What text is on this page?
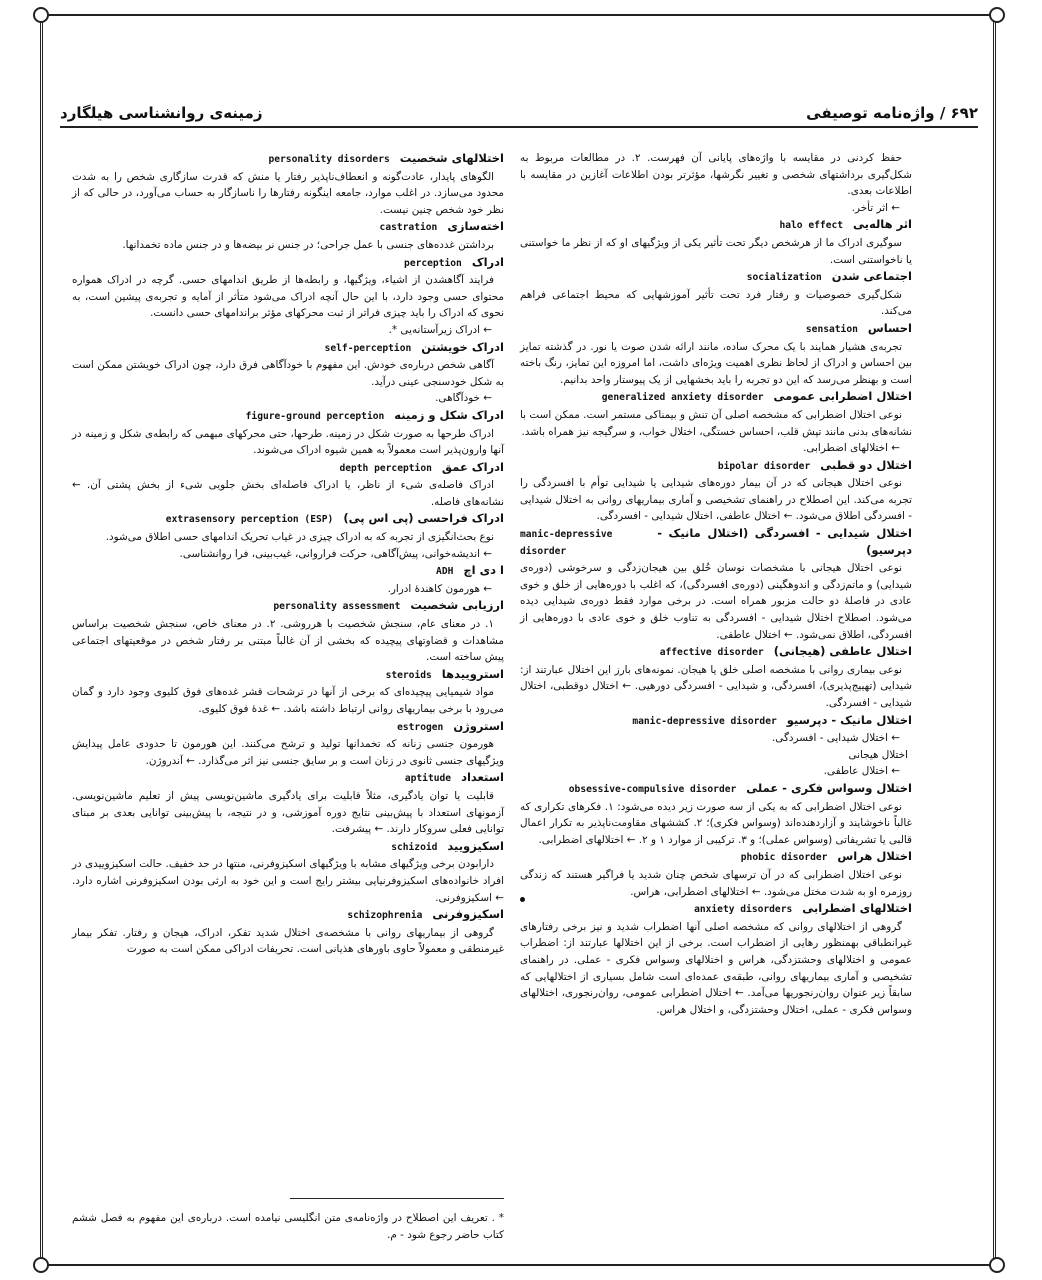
۶۹۲ / واژه‌نامه توصیفی
زمینه‌ی روانشناسی هیلگارد

حفظ کردنی در مقایسه با واژه‌های پایانی آن فهرست. ۲. در مطالعات مربوط به شکل‌گیری برداشتهای شخصی و تغییر نگرشها، مؤثرتر بودن اطلاعات آغازین در مقایسه با اطلاعات بعدی.

← اثر تأخر.

اثر هاله‌یی
halo effect

سوگیری ادراک ما از هرشخص دیگر تحت تأثیر یکی از ویژگیهای او که از نظر ما خواستنی یا ناخواستنی است.

اجتماعی شدن
socialization

شکل‌گیری خصوصیات و رفتار فرد تحت تأثیر آموزشهایی که محیط اجتماعی فراهم می‌کند.

احساس
sensation

تجربه‌ی هشیار همایند با یک محرک ساده، مانند ارائه شدن صوت یا نور. در گذشته تمایز بین احساس و ادراک از لحاظ نظری اهمیت ویژه‌ای داشت، اما امروزه این تمایز، رنگ باخته است و بهنظر می‌رسد که این دو تجربه را باید بخشهایی از یک پیوستار واحد بدانیم.

اختلال اضطرابی عمومی
generalized anxiety disorder

نوعی اختلال اضطرابی که مشخصه اصلی آن تنش و بیمناکی مستمر است. ممکن است با نشانه‌های بدنی مانند تپش قلب، احساس خستگی، اختلال خواب، و سرگیجه نیز همراه باشد.

← اختلالهای اضطرابی.

اختلال دو قطبی
bipolar disorder

نوعی اختلال هیجانی که در آن بیمار دوره‌های شیدایی یا شیدایی توأم با افسردگی را تجربه می‌کند. این اصطلاح در راهنمای تشخیصی و آماری بیماریهای روانی به اختلال شیدایی - افسردگی اطلاق می‌شود. ← اختلال عاطفی، اختلال شیدایی - افسردگی.

اختلال شیدایی - افسردگی (اختلال مانیک - دپرسیو)
manic-depressive disorder

نوعی اختلال هیجانی با مشخصات نوسان خُلق بین هیجان‌زدگی و سرخوشی (دوره‌ی شیدایی) و ماتم‌زدگی و اندوهگینی (دوره‌ی افسردگی)، که اغلب با دوره‌هایی از خلق و خوی عادی در فاصلهٔ دو حالت مزبور همراه است. در برخی موارد فقط دوره‌ی شیدایی دیده می‌شود. اصطلاح اختلال شیدایی - افسردگی به تناوب خلق و خوی عادی با دوره‌هایی از افسردگی، اطلاق نمی‌شود. ← اختلال عاطفی.

اختلال عاطفی (هیجانی)
affective disorder

نوعی بیماری روانی با مشخصه اصلی خلق یا هیجان. نمونه‌های بارز این اختلال عبارتند از: شیدایی (تهییج‌پذیری)، افسردگی، و شیدایی - افسردگی دورهیی. ← اختلال دوقطبی، اختلال شیدایی - افسردگی.

اختلال مانیک - دپرسیو
manic-depressive disorder

← اختلال شیدایی - افسردگی.

اختلال هیجانی

← اختلال عاطفی.

اختلال وسواس فکری - عملی
obsessive-compulsive disorder

نوعی اختلال اضطرابی که به یکی از سه صورت زیر دیده می‌شود: ۱. فکرهای تکراری که غالباً ناخوشایند و آزاردهنده‌اند (وسواس فکری)؛ ۲. کششهای مقاومت‌ناپذیر به تکرار اعمال قالبی یا تشریفاتی (وسواس عملی)؛ و ۳. ترکیبی از موارد ۱ و ۲. ← اختلالهای اضطرابی.

اختلال هراس
phobic disorder

نوعی اختلال اضطرابی که در آن ترسهای شخص چنان شدید یا فراگیر هستند که زندگی روزمره او به شدت مختل می‌شود. ← اختلالهای اضطرابی، هراس.

اختلالهای اضطرابی
anxiety disorders

گروهی از اختلالهای روانی که مشخصه اصلی آنها اضطراب شدید و نیز برخی رفتارهای غیرانطباقی بهمنظور رهایی از اضطراب است. برخی از این اختلالها عبارتند از: اضطراب عمومی و اختلالهای وحشتزدگی، هراس و اختلالهای وسواس فکری - عملی. در راهنمای تشخیصی و آماری بیماریهای روانی، طبقه‌ی عمده‌ای است شامل بسیاری از اختلالهایی که سابقاً زیر عنوان روان‌رنجوریها می‌آمد. ← اختلال اضطرابی عمومی، روان‌رنجوری، اختلالهای وسواس فکری - عملی، اختلال وحشتزدگی، و اختلال هراس.

اختلالهای شخصیت
personality disorders

الگوهای پایدار، عادت‌گونه و انعطاف‌ناپذیر رفتار یا منش که قدرت سازگاری شخص را به شدت محدود می‌سازد. در اغلب موارد، جامعه اینگونه رفتارها را ناسازگار به حساب می‌آورد، در حالی که از نظر خود شخص چنین نیست.

اخته‌سازی
castration

برداشتن غدده‌های جنسی با عمل جراحی؛ در جنس نر بیضه‌ها و در جنس ماده تخمدانها.

ادراک
perception

فرایند آگاهشدن از اشیاء، ویژگیها، و رابطه‌ها از طریق اندامهای حسی. گرچه در ادراک همواره محتوای حسی وجود دارد، با این حال آنچه ادراک می‌شود متأثر از آمایه و تجربه‌ی پیشین است، به نحوی که ادراک را باید چیزی فراتر از ثبت محرکهای مؤثر براندامهای حسی دانست.

← ادراک زیرآستانه‌یی *.

ادراک خویشتن
self-perception

آگاهی شخص درباره‌ی خودش. این مفهوم با خودآگاهی فرق دارد، چون ادراک خویشتن ممکن است به شکل خودسنجی عینی درآید.

← خودآگاهی.

ادراک شکل و زمینه
figure-ground perception

ادراک طرحها به صورت شکل در زمینه. طرحها، حتی محرکهای مبهمی که رابطه‌ی شکل و زمینه در آنها وارون‌پذیر است معمولاً به همین شیوه ادراک می‌شوند.

ادراک عمق
depth perception

ادراک فاصله‌ی شیء از ناظر، یا ادراک فاصله‌ای بخش جلویی شیء از بخش پشتی آن. ← نشانه‌های فاصله.

ادراک فراحسی (پی اس پی)
extrasensory perception (ESP)

نوع بحث‌انگیزی از تجربه که به ادراک چیزی در غیاب تحریک اندامهای حسی اطلاق می‌شود.

← اندیشه‌خوانی، پیش‌آگاهی، حرکت فراروانی، غیب‌بینی، فرا روانشناسی.

ا دی اچ
ADH

← هورمون کاهندۀ ادرار.

ارزیابی شخصیت
personality assessment

۱. در معنای عام، سنجش شخصیت با هرروشی. ۲. در معنای خاص، سنجش شخصیت براساس مشاهدات و قضاوتهای پیچیده که بخشی از آن غالباً مبتنی بر رفتار شخص در موقعیتهای اجتماعی پیش ساخته است.

استروییدها
steroids

مواد شیمیایی پیچیده‌ای که برخی از آنها در ترشحات قشر غده‌های فوق کلیوی وجود دارد و گمان می‌رود با برخی بیماریهای روانی ارتباط داشته باشد. ← غدۀ فوق کلیوی.

استروژن
estrogen

هورمون جنسی زنانه که تخمدانها تولید و ترشح می‌کنند. این هورمون تا حدودی عامل پیدایش ویژگیهای جنسی ثانوی در زنان است و بر سایق جنسی نیز اثر می‌گذارد. ← آندروژن.

استعداد
aptitude

قابلیت یا توان یادگیری، مثلاً قابلیت برای یادگیری ماشین‌نویسی پیش از تعلیم ماشین‌نویسی. آزمونهای استعداد با پیش‌بینی نتایج دوره آموزشی، و در نتیجه، با پیش‌بینی توانایی بعدی بر مبنای توانایی فعلی سروکار دارند. ← پیشرفت.

اسکیزویید
schizoid

دارابودن برخی ویژگیهای مشابه با ویژگیهای اسکیزوفرنی، منتها در حد خفیف. حالت اسکیزوییدی در افراد خانواده‌های اسکیزوفرنیایی بیشتر رایج است و این خود به ارثی بودن اسکیزوفرنی اشاره دارد. ← اسکیزوفرنی.

اسکیزوفرنی
schizophrenia

گروهی از بیماریهای روانی با مشخصه‌ی اختلال شدید تفکر، ادراک، هیجان و رفتار. تفکر بیمار غیرمنطقی و معمولاً حاوی باورهای هذیانی است. تحریفات ادراکی ممکن است به صورت

* . تعریف این اصطلاح در واژه‌نامه‌ی متن انگلیسی نیامده است. درباره‌ی این مفهوم به فصل ششم کتاب حاضر رجوع شود - م.
